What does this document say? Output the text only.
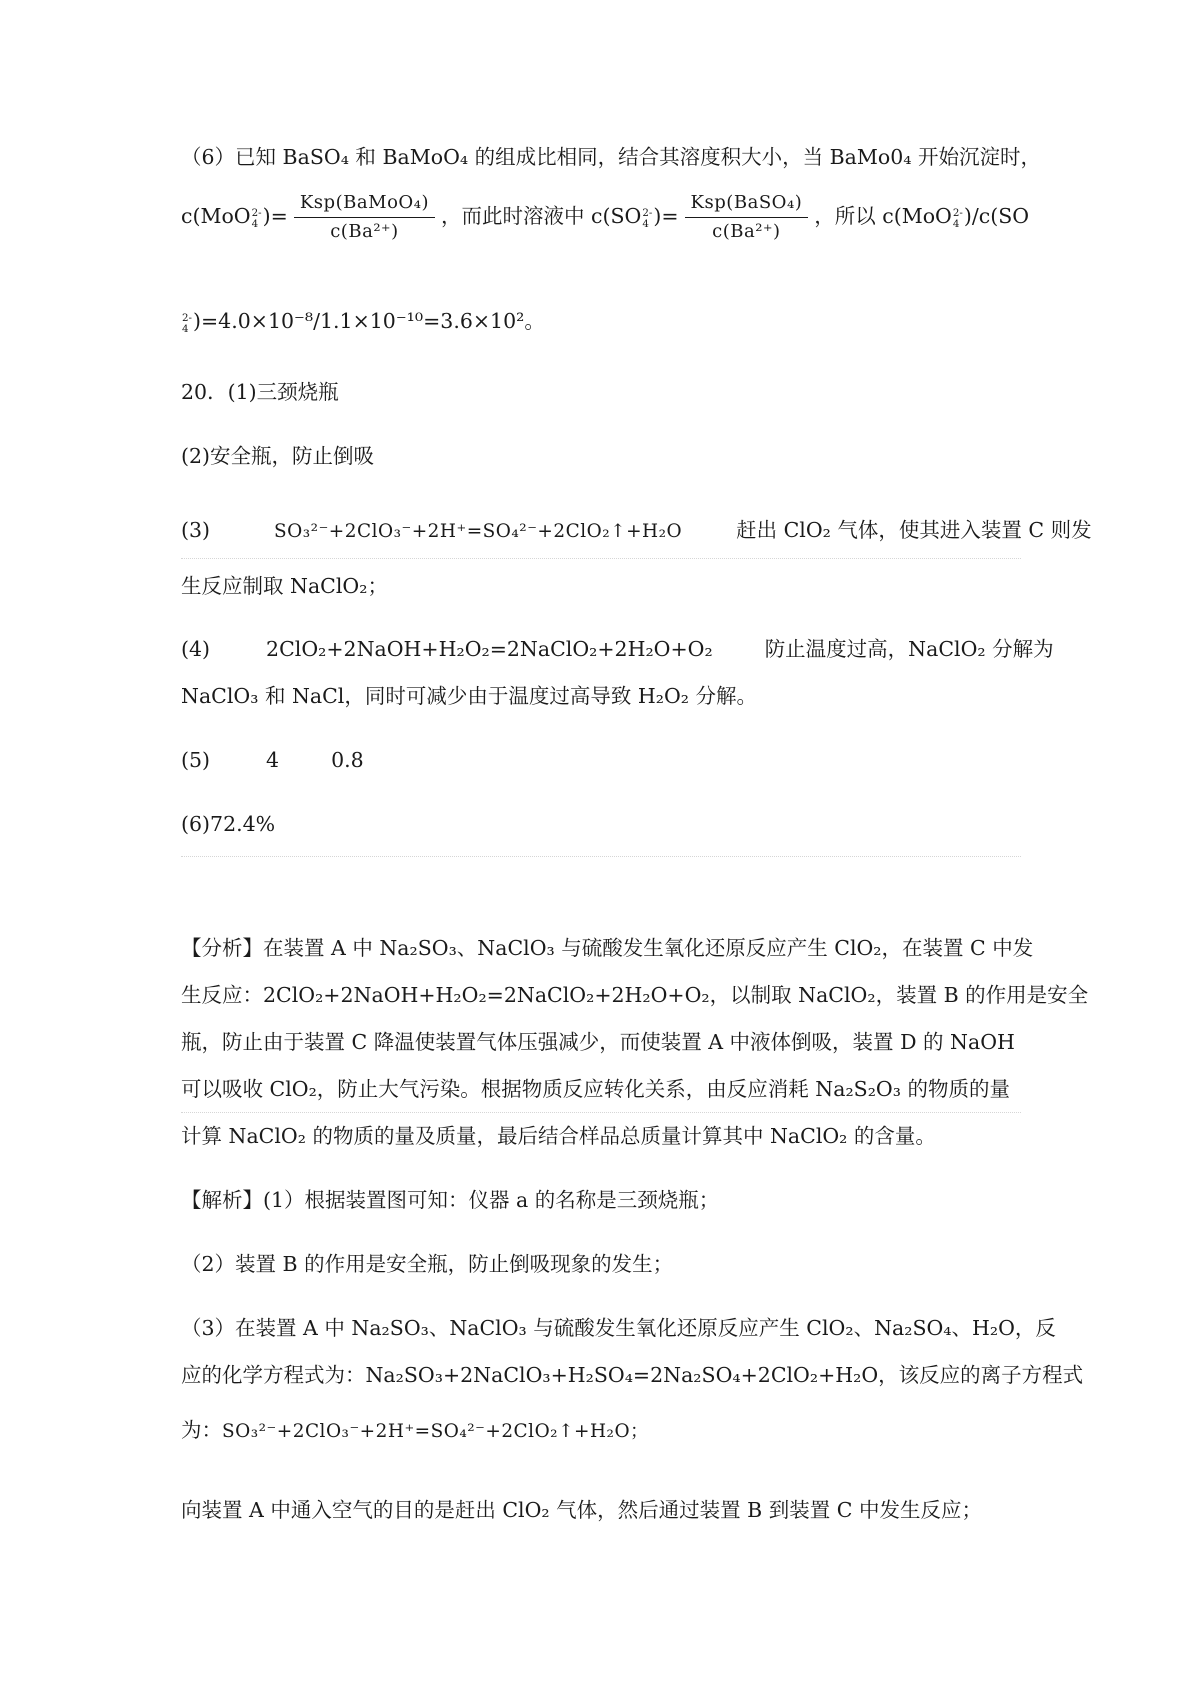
（6）已知 BaSO₄ 和 BaMoO₄ 的组成比相同，结合其溶度积大小，当 BaMo0₄ 开始沉淀时，
c(MoO 2-
4 )= $\frac{\text{Ksp(BaMoO₄)}}{\text{c(Ba²⁺)}}$ ，而此时溶液中 c(SO 2-
4 )= $\frac{\text{Ksp(BaSO₄)}}{\text{c(Ba²⁺)}}$ ，所以 c(MoO 2-
4 )/c(SO
2-
4 )=4.0×10⁻⁸/1.1×10⁻¹⁰=3.6×10²。
20．(1)三颈烧瓶
(2)安全瓶，防止倒吸
(3)	SO₃²⁻+2ClO₃⁻+2H⁺=SO₄²⁻+2ClO₂↑+H₂O	赶出 ClO₂ 气体，使其进入装置 C 则发
生反应制取 NaClO₂；
(4)	2ClO₂+2NaOH+H₂O₂=2NaClO₂+2H₂O+O₂	防止温度过高，NaClO₂ 分解为
NaClO₃ 和 NaCl，同时可减少由于温度过高导致 H₂O₂ 分解。
(5)	4	0.8
(6)72.4%
【分析】在装置 A 中 Na₂SO₃、NaClO₃ 与硫酸发生氧化还原反应产生 ClO₂，在装置 C 中发
生反应：2ClO₂+2NaOH+H₂O₂=2NaClO₂+2H₂O+O₂，以制取 NaClO₂，装置 B 的作用是安全
瓶，防止由于装置 C 降温使装置气体压强减少，而使装置 A 中液体倒吸，装置 D 的 NaOH
可以吸收 ClO₂，防止大气污染。根据物质反应转化关系，由反应消耗 Na₂S₂O₃ 的物质的量
计算 NaClO₂ 的物质的量及质量，最后结合样品总质量计算其中 NaClO₂ 的含量。
【解析】(1）根据装置图可知：仪器 a 的名称是三颈烧瓶；
（2）装置 B 的作用是安全瓶，防止倒吸现象的发生；
（3）在装置 A 中 Na₂SO₃、NaClO₃ 与硫酸发生氧化还原反应产生 ClO₂、Na₂SO₄、H₂O，反
应的化学方程式为：Na₂SO₃+2NaClO₃+H₂SO₄=2Na₂SO₄+2ClO₂+H₂O，该反应的离子方程式
为：SO₃²⁻+2ClO₃⁻+2H⁺=SO₄²⁻+2ClO₂↑+H₂O；
向装置 A 中通入空气的目的是赶出 ClO₂ 气体，然后通过装置 B 到装置 C 中发生反应；
